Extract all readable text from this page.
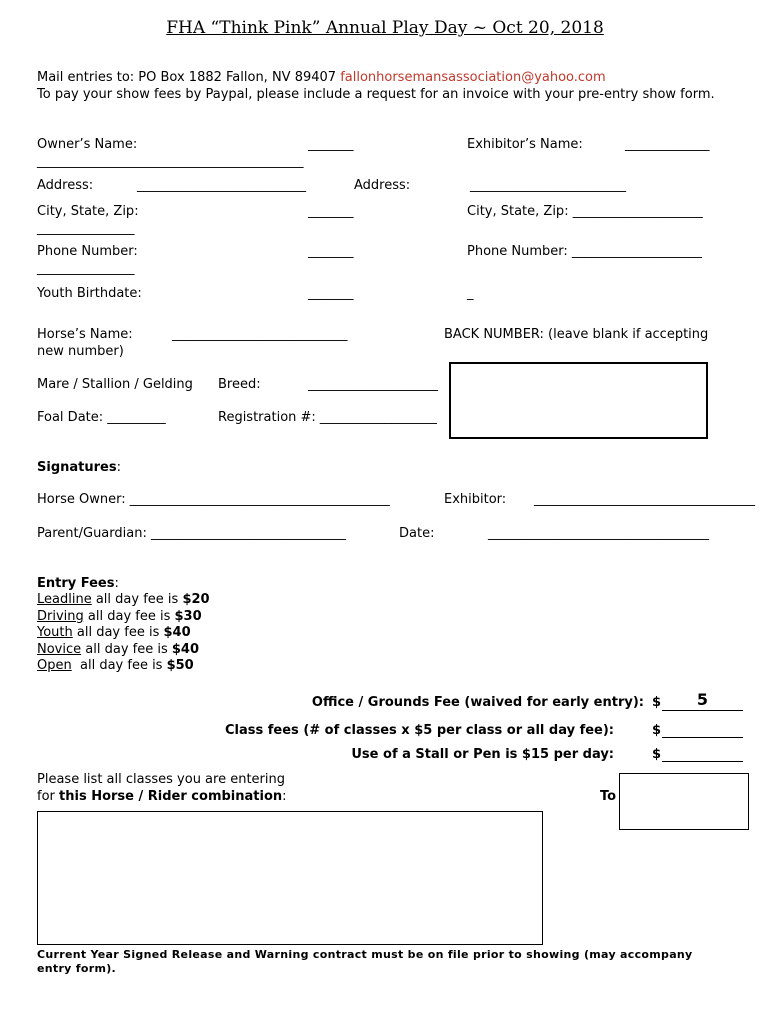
FHA “Think Pink” Annual Play Day ~ Oct 20, 2018
Mail entries to: PO Box 1882 Fallon, NV 89407 fallonhorsemansassociation@yahoo.com
To pay your show fees by Paypal, please include a request for an invoice with your pre-entry show form.
Owner’s Name:	_______	Exhibitor’s Name:	_____________
_________________________________________
Address:	__________________________	Address:	________________________
City, State, Zip:	_______	City, State, Zip: ____________________
_______________
Phone Number:	_______	Phone Number: ____________________
_______________
Youth Birthdate:	_______	_
Horse’s Name:	___________________________	BACK NUMBER: (leave blank if accepting
new number)
Mare / Stallion / Gelding Breed:	____________________
Foal Date: _________	Registration #: __________________
Signatures:
Horse Owner: ________________________________________	Exhibitor: __________________________________
Parent/Guardian: ______________________________	Date:	__________________________________
Entry Fees:
Leadline all day fee is $20
Driving all day fee is $30
Youth all day fee is $40
Novice all day fee is $40
Open  all day fee is $50
Office / Grounds Fee (waived for early entry): $	5
Class fees (# of classes x $5 per class or all day fee):	$
Use of a Stall or Pen is $15 per day:	$
Please list all classes you are entering
for this Horse / Rider combination:	To
Current Year Signed Release and Warning contract must be on file prior to showing (may accompany entry form).
